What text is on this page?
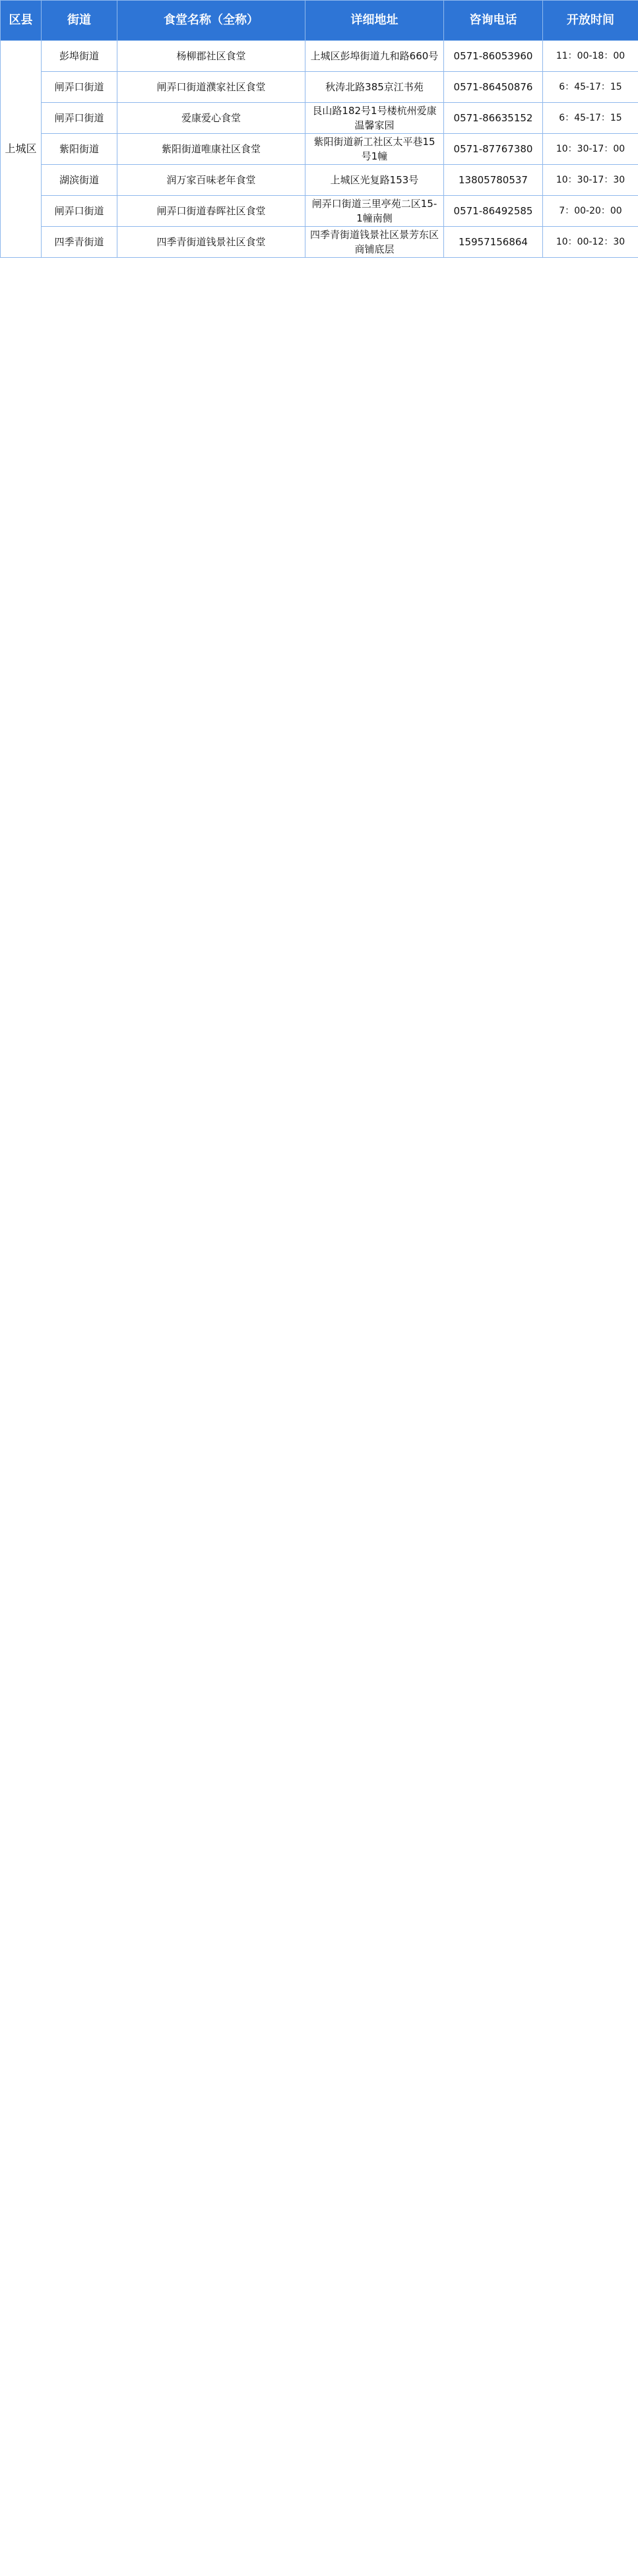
区县	街道	食堂名称（全称）	详细地址	咨询电话	开放时间
上城区	彭埠街道	杨柳郡社区食堂	上城区彭埠街道九和路660号	0571-86053960	11：00-18：00
	闸弄口街道	闸弄口街道濮家社区食堂	秋涛北路385京江书苑	0571-86450876	6：45-17：15
	闸弄口街道	爱康爱心食堂	艮山路182号1号楼杭州爱康温馨家园	0571-86635152	6：45-17：15
	紫阳街道	紫阳街道唯康社区食堂	紫阳街道新工社区太平巷15号1幢	0571-87767380	10：30-17：00
	湖滨街道	润万家百味老年食堂	上城区光复路153号	13805780537	10：30-17：30
	闸弄口街道	闸弄口街道春晖社区食堂	闸弄口街道三里亭苑二区15-1幢南侧	0571-86492585	7：00-20：00
	四季青街道	四季青街道钱景社区食堂	四季青街道钱景社区景芳东区商铺底层	15957156864	10：00-12：30
